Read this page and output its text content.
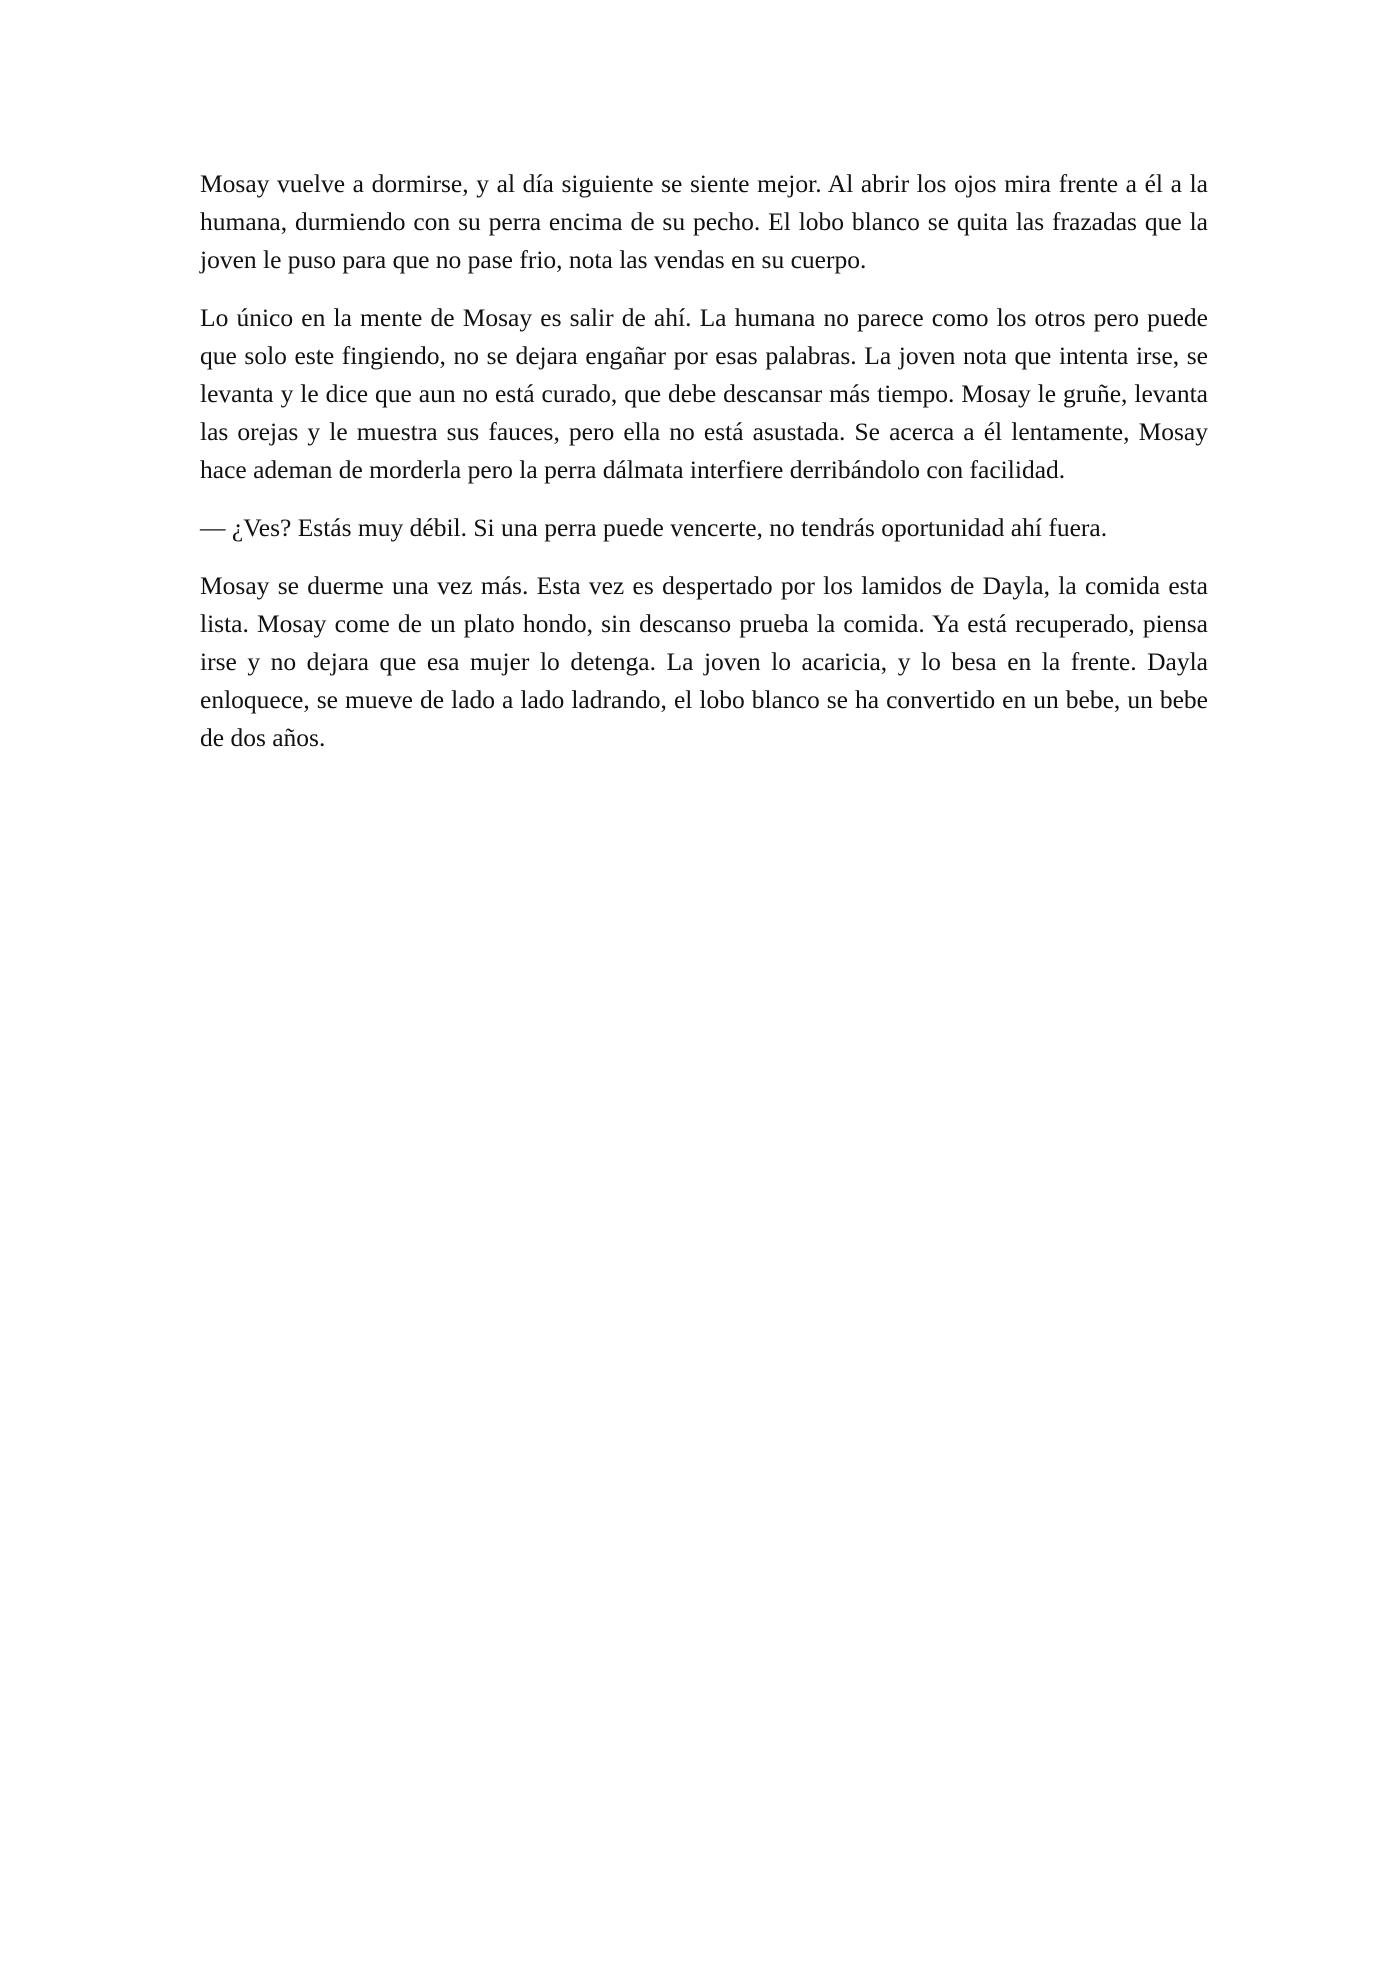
Mosay vuelve a dormirse, y al día siguiente se siente mejor. Al abrir los ojos mira frente a él a la humana, durmiendo con su perra encima de su pecho. El lobo blanco se quita las frazadas que la joven le puso para que no pase frio, nota las vendas en su cuerpo.

Lo único en la mente de Mosay es salir de ahí. La humana no parece como los otros pero puede que solo este fingiendo, no se dejara engañar por esas palabras. La joven nota que intenta irse, se levanta y le dice que aun no está curado, que debe descansar más tiempo. Mosay le gruñe, levanta las orejas y le muestra sus fauces, pero ella no está asustada. Se acerca a él lentamente, Mosay hace ademan de morderla pero la perra dálmata interfiere derribándolo con facilidad.

— ¿Ves? Estás muy débil. Si una perra puede vencerte, no tendrás oportunidad ahí fuera.

Mosay se duerme una vez más. Esta vez es despertado por los lamidos de Dayla, la comida esta lista. Mosay come de un plato hondo, sin descanso prueba la comida. Ya está recuperado, piensa irse y no dejara que esa mujer lo detenga. La joven lo acaricia, y lo besa en la frente. Dayla enloquece, se mueve de lado a lado ladrando, el lobo blanco se ha convertido en un bebe, un bebe de dos años.
